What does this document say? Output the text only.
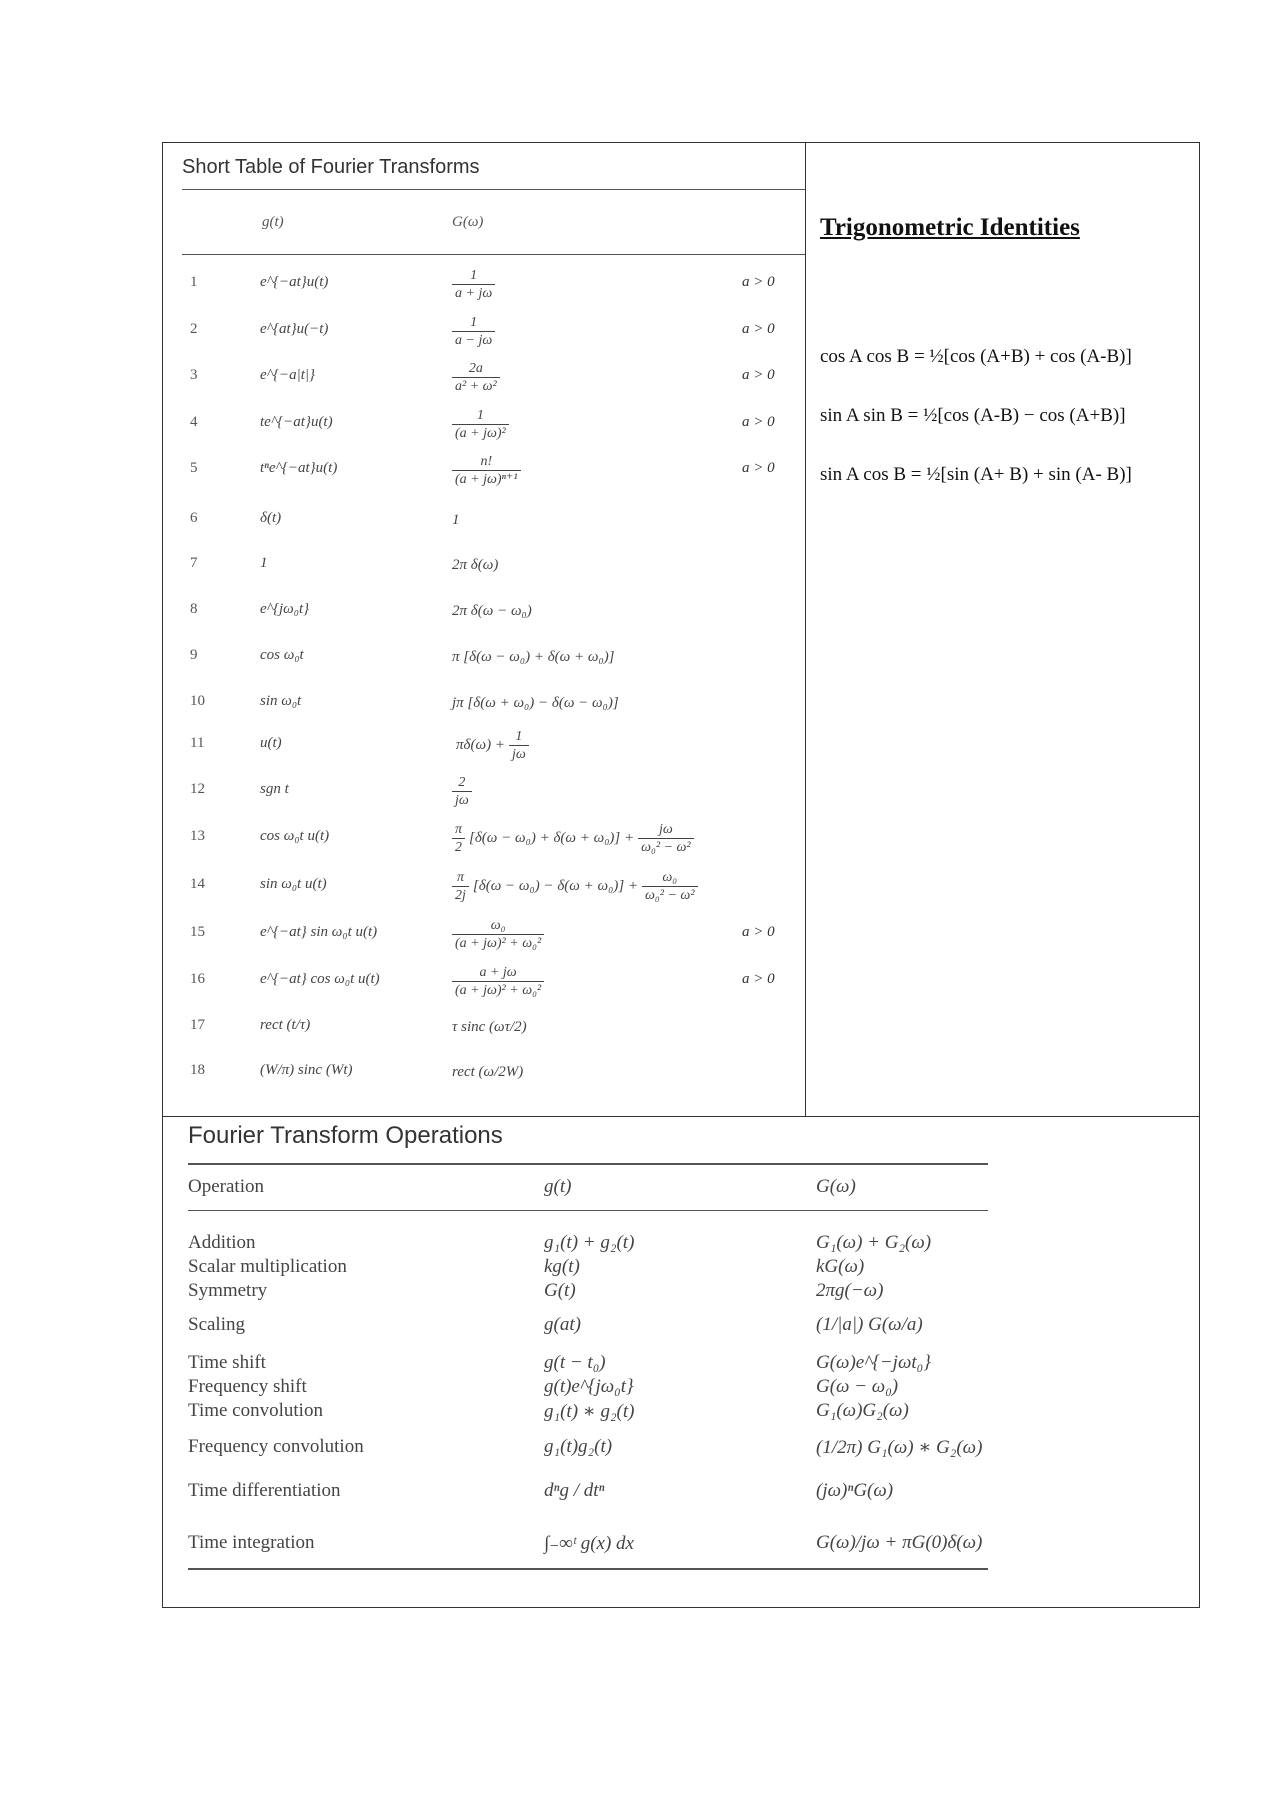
Short Table of Fourier Transforms
g(t)	G(ω)
1	e^{−at}u(t)	$\frac{1}{a + j\omega}$	a > 0
2	e^{at}u(−t)	$\frac{1}{a - j\omega}$	a > 0
3	e^{−a|t|}	$\frac{2a}{\text{a² + ω²}}$	a > 0
4	te^{−at}u(t)	$\frac{1}{\text{(a + jω)²}}$	a > 0
5	tⁿe^{−at}u(t)	$\frac{n!}{\text{(a + jω)ⁿ⁺¹}}$	a > 0
6	δ(t)	1
7	1	2π δ(ω)
8	e^{jω₀t}	2π δ(ω − ω₀)
9	cos ω₀t	π [δ(ω − ω₀) + δ(ω + ω₀)]
10	sin ω₀t	jπ [δ(ω + ω₀) − δ(ω − ω₀)]
11	u(t)	$\pi\delta(\omega) + \frac{1}{j\omega}$
12	sgn t	$\frac{2}{j\omega}$
13	cos ω₀t u(t)	$\frac{\pi}{2} [\delta(\omega - \omega_0) + \delta(\omega + \omega_0)] + \frac{j\omega}{\text{ω₀² − ω²}}$
14	sin ω₀t u(t)	$\frac{\pi}{2j} [\delta(\omega - \omega_0) - \delta(\omega + \omega_0)] + \frac{\text{ω₀}}{\text{ω₀² − ω²}}$
15	e^{−at} sin ω₀t u(t)	$\frac{\text{ω₀}}{\text{(a + jω)² + ω₀²}}$	a > 0
16	e^{−at} cos ω₀t u(t)	$\frac{a + j\omega}{\text{(a + jω)² + ω₀²}}$	a > 0
17	rect (t/τ)	τ sinc (ωτ/2)
18	(W/π) sinc (Wt)	rect (ω/2W)
Trigonometric Identities
cos A cos B = ½[cos (A+B) + cos (A-B)]
sin A sin B = ½[cos (A-B) − cos (A+B)]
sin A cos B = ½[sin (A+ B) + sin (A- B)]
Fourier Transform Operations
Operation	g(t)	G(ω)
Addition	g₁(t) + g₂(t)	G₁(ω) + G₂(ω)
Scalar multiplication	kg(t)	kG(ω)
Symmetry	G(t)	2πg(−ω)
Scaling	g(at)	(1/|a|) G(ω/a)
Time shift	g(t − t₀)	G(ω)e^{−jωt₀}
Frequency shift	g(t)e^{jω₀t}	G(ω − ω₀)
Time convolution	g₁(t) ∗ g₂(t)	G₁(ω)G₂(ω)
Frequency convolution	g₁(t)g₂(t)	(1/2π) G₁(ω) ∗ G₂(ω)
Time differentiation	dⁿg / dtⁿ	(jω)ⁿG(ω)
Time integration	∫₋∞ᵗ g(x) dx	G(ω)/jω + πG(0)δ(ω)
